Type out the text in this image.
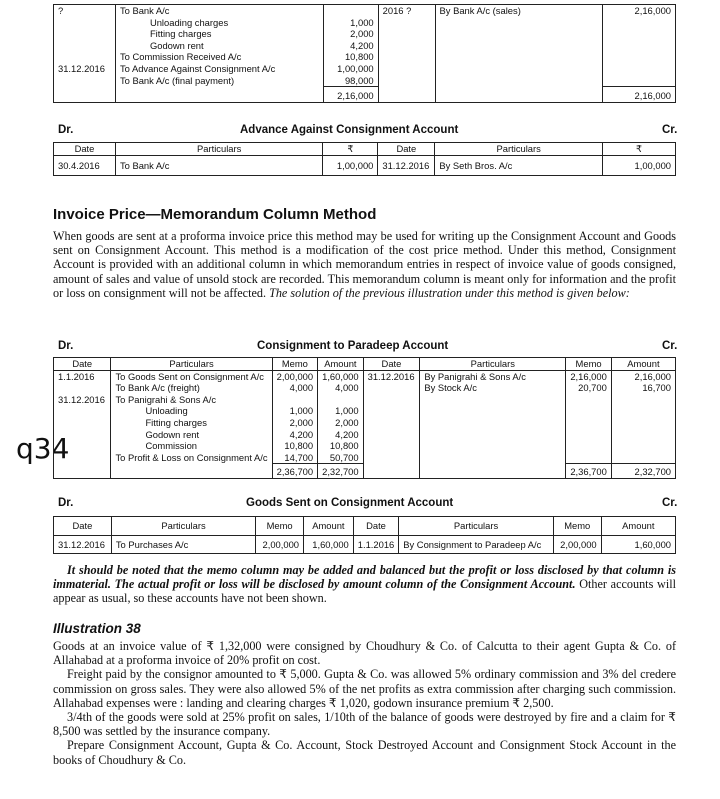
?	To Bank A/c		2016 ?	By Bank A/c (sales)	2,16,000
	Unloading charges	1,000			
	Fitting charges	2,000			
	Godown rent	4,200			
	To Commission Received A/c	10,800			
31.12.2016	To Advance Against Consignment A/c	1,00,000			
	To Bank A/c (final payment)	98,000			
		2,16,000			2,16,000
Dr.	Advance Against Consignment Account	Cr.
Date	Particulars	₹	Date	Particulars	₹
30.4.2016	To Bank A/c	1,00,000	31.12.2016	By Seth Bros. A/c	1,00,000
Invoice Price—Memorandum Column Method
When goods are sent at a proforma invoice price this method may be used for writing up the Consignment Account and Goods sent on Consignment Account. This method is a modification of the cost price method. Under this method, Consignment Account is provided with an additional column in which memorandum entries in respect of invoice value of goods consigned, amount of sales and value of unsold stock are recorded. This memorandum column is meant only for information and the profit or loss on consignment will not be affected. The solution of the previous illustration under this method is given below:
Dr.	Consignment to Paradeep Account	Cr.
q34
Date	Particulars	Memo	Amount	Date	Particulars	Memo	Amount
1.1.2016	To Goods Sent on Consignment A/c	2,00,000	1,60,000	31.12.2016	By Panigrahi & Sons A/c	2,16,000	2,16,000
	To Bank A/c (freight)	4,000	4,000		By Stock A/c	20,700	16,700
31.12.2016	To Panigrahi & Sons A/c						
	Unloading	1,000	1,000				
	Fitting charges	2,000	2,000				
	Godown rent	4,200	4,200				
	Commission	10,800	10,800				
	To Profit & Loss on Consignment A/c	14,700	50,700				
		2,36,700	2,32,700			2,36,700	2,32,700
Dr.	Goods Sent on Consignment Account	Cr.
Date	Particulars	Memo	Amount	Date	Particulars	Memo	Amount
31.12.2016	To Purchases A/c	2,00,000	1,60,000	1.1.2016	By Consignment to Paradeep A/c	2,00,000	1,60,000
It should be noted that the memo column may be added and balanced but the profit or loss disclosed by that column is immaterial. The actual profit or loss will be disclosed by amount column of the Consignment Account. Other accounts will appear as usual, so these accounts have not been shown.
Illustration 38
Goods at an invoice value of ₹ 1,32,000 were consigned by Choudhury & Co. of Calcutta to their agent Gupta & Co. of Allahabad at a proforma invoice of 20% profit on cost.
Freight paid by the consignor amounted to ₹ 5,000. Gupta & Co. was allowed 5% ordinary commission and 3% del credere commission on gross sales. They were also allowed 5% of the net profits as extra commission after charging such commission. Allahabad expenses were : landing and clearing charges ₹ 1,020, godown insurance premium ₹ 2,500.
3/4th of the goods were sold at 25% profit on sales, 1/10th of the balance of goods were destroyed by fire and a claim for ₹ 8,500 was settled by the insurance company.
Prepare Consignment Account, Gupta & Co. Account, Stock Destroyed Account and Consignment Stock Account in the books of Choudhury & Co.
